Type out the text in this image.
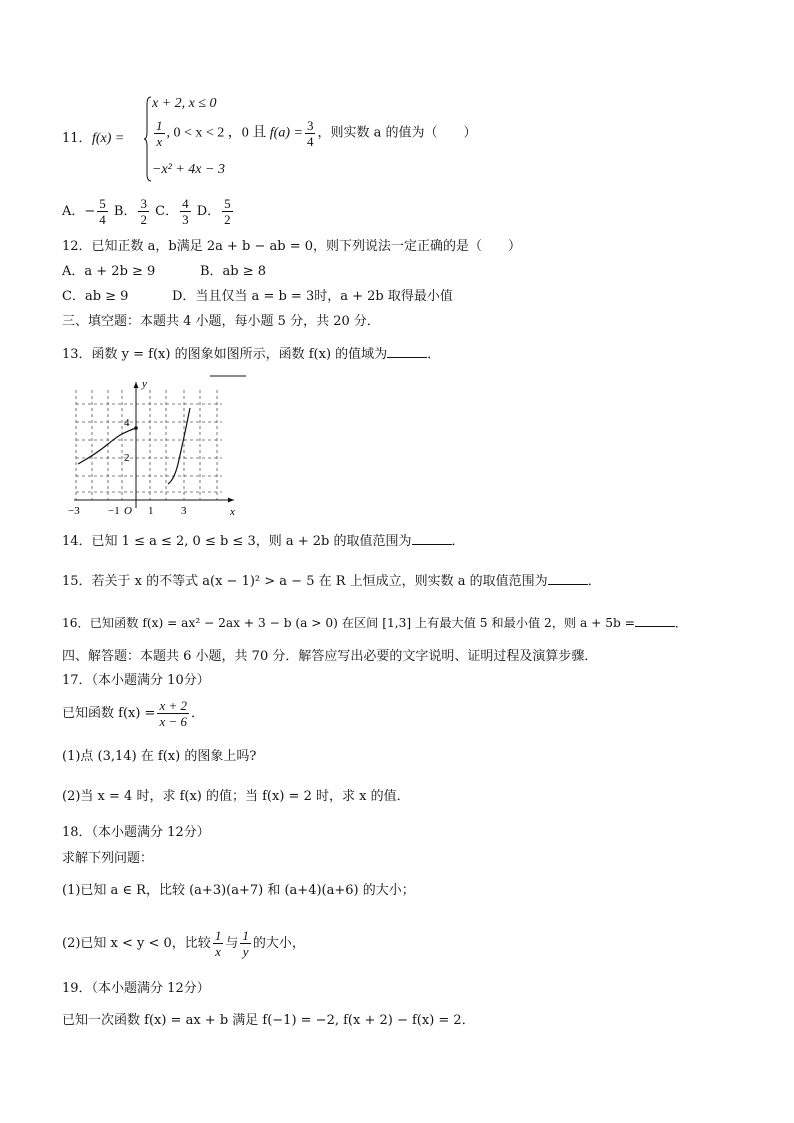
11． f(x) =
x + 2, x ≤ 0
$\frac{1}{x}$ , 0 < x < 2 ，0 且 $f(a) = \frac{3}{4}$ ，则实数 a 的值为（　　）
−x² + 4x − 3
A．− $\frac{5}{4}$ B． $\frac{3}{2}$ C． $\frac{4}{3}$ D． $\frac{5}{2}$
12．已知正数 a，b满足 2a + b − ab = 0，则下列说法一定正确的是（　　）
A．a + 2b ≥ 9	B．ab ≥ 8
C．ab ≥ 9	D．当且仅当 a = b = 3时，a + 2b 取得最小值
三、填空题：本题共 4 小题，每小题 5 分，共 20 分．
13．函数 y = f(x) 的图象如图所示，函数 f(x) 的值域为	．
y
x
4
2
−3	−1 O 1	3
14．已知 1 ≤ a ≤ 2, 0 ≤ b ≤ 3，则 a + 2b 的取值范围为	．
15．若关于 x 的不等式 a(x − 1)² > a − 5 在 R 上恒成立，则实数 a 的取值范围为	．
16．已知函数 f(x) = ax² − 2ax + 3 − b (a > 0) 在区间 [1,3] 上有最大值 5 和最小值 2，则 a + 5b =	．
四、解答题：本题共 6 小题，共 70 分．解答应写出必要的文字说明、证明过程及演算步骤．
17．（本小题满分 10分）
已知函数 $f(x) = \frac{x + 2}{x - 6}$ ．
(1)点 (3,14) 在 f(x) 的图象上吗?
(2)当 x = 4 时，求 f(x) 的值；当 f(x) = 2 时，求 x 的值．
18．（本小题满分 12分）
求解下列问题：
(1)已知 a ∈ R，比较 (a+3)(a+7) 和 (a+4)(a+6) 的大小；
(2)已知 x < y < 0，比较 $\frac{1}{x}$ 与 $\frac{1}{y}$ 的大小，
19．（本小题满分 12分）
已知一次函数 f(x) = ax + b 满足 f(−1) = −2, f(x + 2) − f(x) = 2．
